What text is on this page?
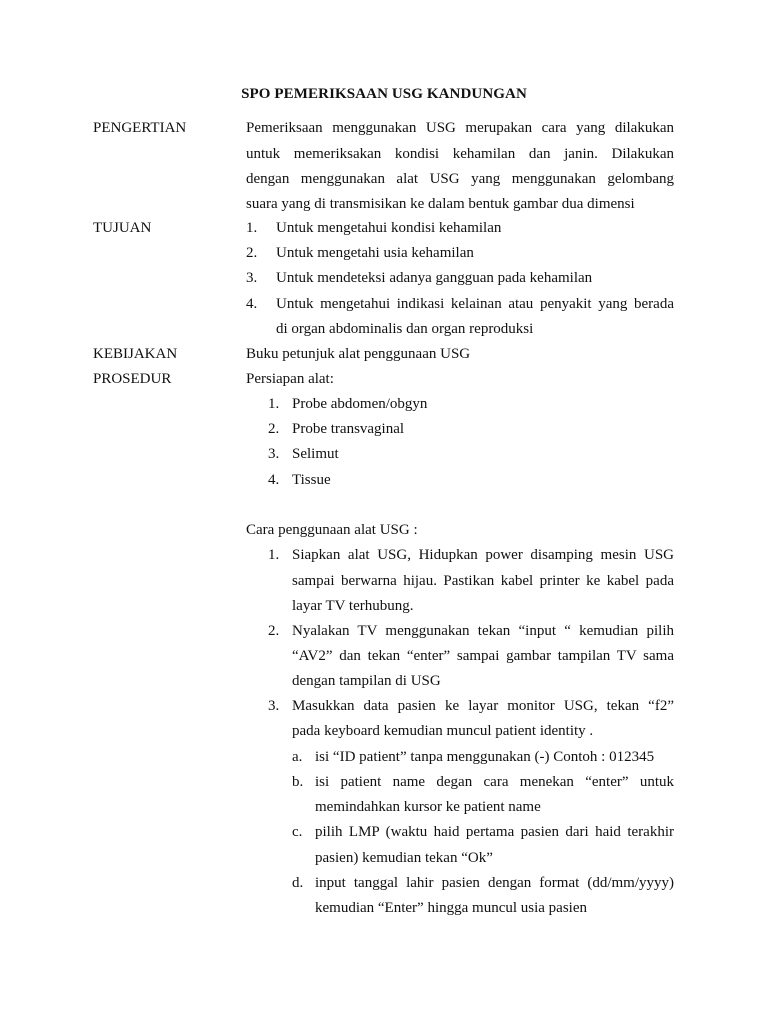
SPO PEMERIKSAAN USG KANDUNGAN
PENGERTIAN	Pemeriksaan menggunakan USG merupakan cara yang dilakukan
untuk memeriksakan kondisi kehamilan dan janin. Dilakukan
dengan menggunakan alat USG yang menggunakan gelombang
suara yang di transmisikan ke dalam bentuk gambar dua dimensi
TUJUAN	1. Untuk mengetahui kondisi kehamilan
2. Untuk mengetahi usia kehamilan
3. Untuk mendeteksi adanya gangguan pada kehamilan
4. Untuk mengetahui indikasi kelainan atau penyakit yang berada
di organ abdominalis dan organ reproduksi
KEBIJAKAN	Buku petunjuk alat penggunaan USG
PROSEDUR	Persiapan alat:
1. Probe abdomen/obgyn
2. Probe transvaginal
3. Selimut
4. Tissue
Cara penggunaan alat USG :
1. Siapkan alat USG, Hidupkan power disamping mesin USG
sampai berwarna hijau. Pastikan kabel printer ke kabel pada
layar TV terhubung.
2. Nyalakan TV menggunakan tekan “input “ kemudian pilih
“AV2” dan tekan “enter” sampai gambar tampilan TV sama
dengan tampilan di USG
3. Masukkan data pasien ke layar monitor USG, tekan “f2”
pada keyboard kemudian muncul patient identity .
a. isi “ID patient” tanpa menggunakan (-) Contoh : 012345
b. isi patient name degan cara menekan “enter” untuk
memindahkan kursor ke patient name
c. pilih LMP (waktu haid pertama pasien dari haid terakhir
pasien) kemudian tekan “Ok”
d. input tanggal lahir pasien dengan format (dd/mm/yyyy)
kemudian “Enter” hingga muncul usia pasien
